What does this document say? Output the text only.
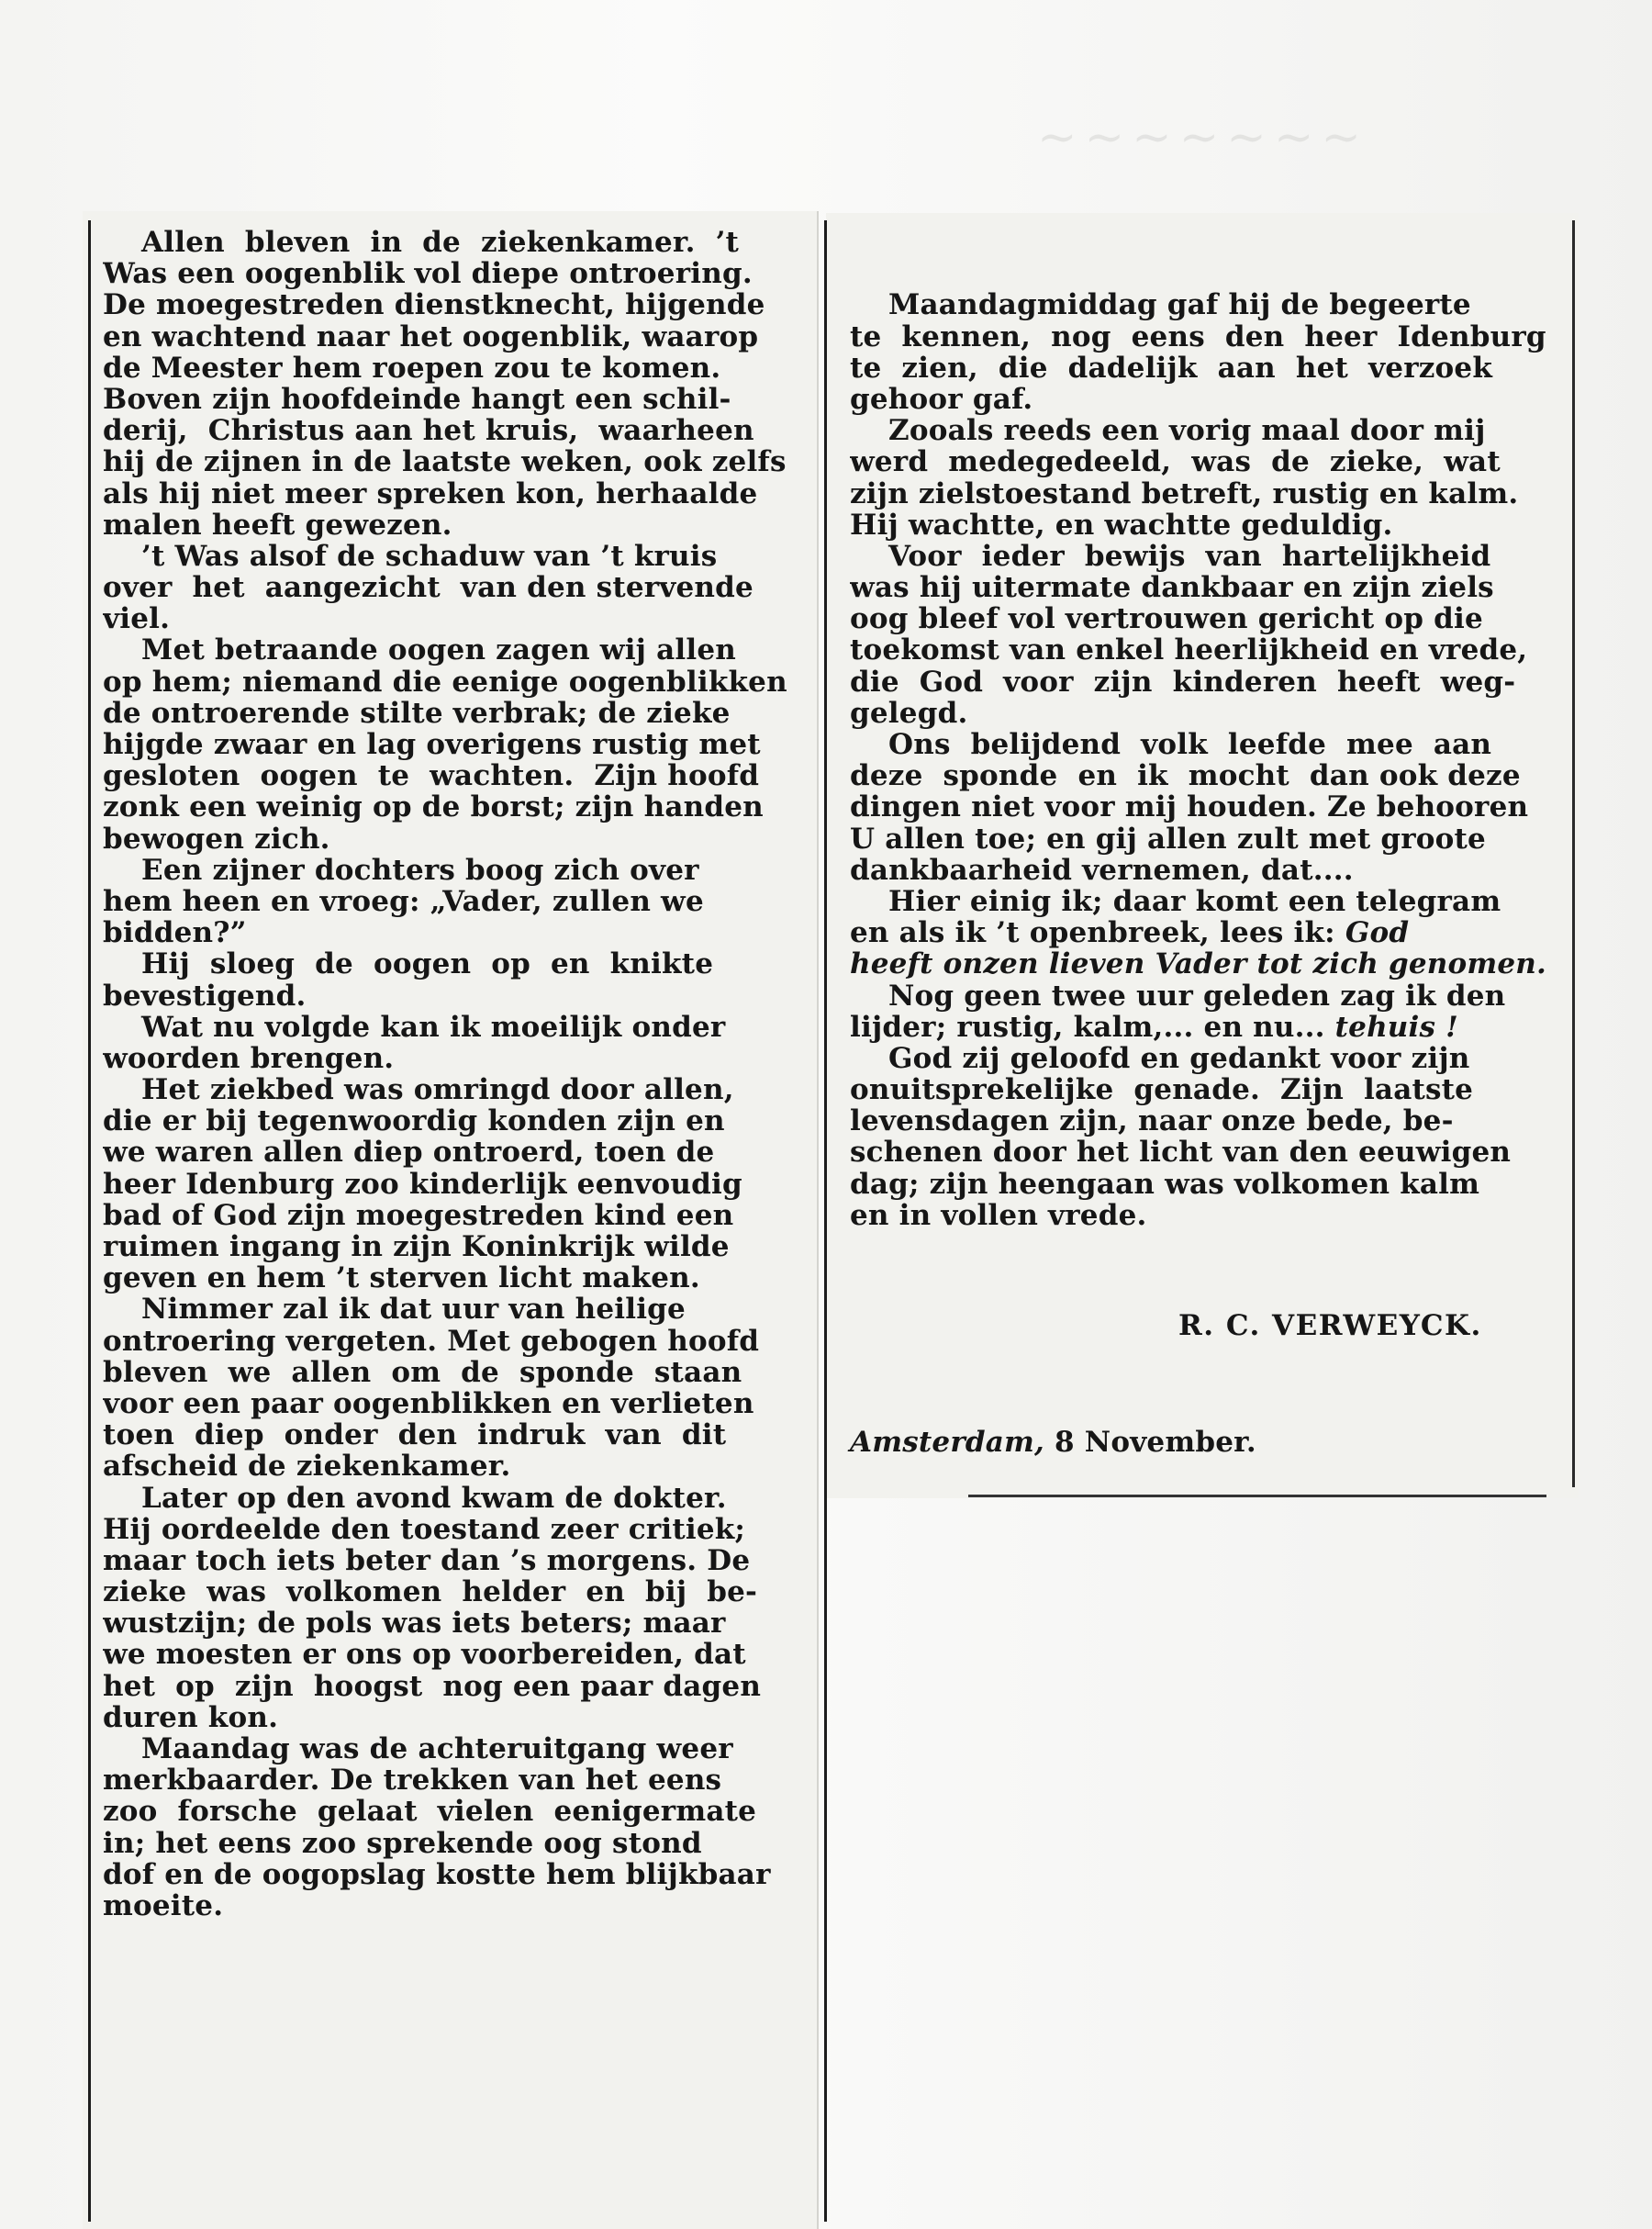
~~~~~~~
Allen  bleven  in  de  ziekenkamer.  ’t
Was een oogenblik vol diepe ontroering.
De moegestreden dienstknecht, hijgende
en wachtend naar het oogenblik, waarop
de Meester hem roepen zou te komen.
Boven zijn hoofdeinde hangt een schil-
derij,  Christus aan het kruis,  waarheen
hij de zijnen in de laatste weken, ook zelfs
als hij niet meer spreken kon, herhaalde
malen heeft gewezen.
’t Was alsof de schaduw van ’t kruis
over  het  aangezicht  van den stervende
viel.
Met betraande oogen zagen wij allen
op hem; niemand die eenige oogenblikken
de ontroerende stilte verbrak; de zieke
hijgde zwaar en lag overigens rustig met
gesloten  oogen  te  wachten.  Zijn hoofd
zonk een weinig op de borst; zijn handen
bewogen zich.
Een zijner dochters boog zich over
hem heen en vroeg: „Vader, zullen we
bidden?”
Hij  sloeg  de  oogen  op  en  knikte
bevestigend.
Wat nu volgde kan ik moeilijk onder
woorden brengen.
Het ziekbed was omringd door allen,
die er bij tegenwoordig konden zijn en
we waren allen diep ontroerd, toen de
heer Idenburg zoo kinderlijk eenvoudig
bad of God zijn moegestreden kind een
ruimen ingang in zijn Koninkrijk wilde
geven en hem ’t sterven licht maken.
Nimmer zal ik dat uur van heilige
ontroering vergeten. Met gebogen hoofd
bleven  we  allen  om  de  sponde  staan
voor een paar oogenblikken en verlieten
toen  diep  onder  den  indruk  van  dit
afscheid de ziekenkamer.
Later op den avond kwam de dokter.
Hij oordeelde den toestand zeer critiek;
maar toch iets beter dan ’s morgens. De
zieke  was  volkomen  helder  en  bij  be-
wustzijn; de pols was iets beters; maar
we moesten er ons op voorbereiden, dat
het  op  zijn  hoogst  nog een paar dagen
duren kon.
Maandag was de achteruitgang weer
merkbaarder. De trekken van het eens
zoo  forsche  gelaat  vielen  eenigermate
in; het eens zoo sprekende oog stond
dof en de oogopslag kostte hem blijkbaar
moeite.

Maandagmiddag gaf hij de begeerte
te  kennen,  nog  eens  den  heer  Idenburg
te  zien,  die  dadelijk  aan  het  verzoek
gehoor gaf.
Zooals reeds een vorig maal door mij
werd  medegedeeld,  was  de  zieke,  wat
zijn zielstoestand betreft, rustig en kalm.
Hij wachtte, en wachtte geduldig.
Voor  ieder  bewijs  van  hartelijkheid
was hij uitermate dankbaar en zijn ziels
oog bleef vol vertrouwen gericht op die
toekomst van enkel heerlijkheid en vrede,
die  God  voor  zijn  kinderen  heeft  weg-
gelegd.
Ons  belijdend  volk  leefde  mee  aan
deze  sponde  en  ik  mocht  dan ook deze
dingen niet voor mij houden. Ze behooren
U allen toe; en gij allen zult met groote
dankbaarheid vernemen, dat....
Hier einig ik; daar komt een telegram
en als ik ’t openbreek, lees ik: God
heeft onzen lieven Vader tot zich genomen.
Nog geen twee uur geleden zag ik den
lijder; rustig, kalm,... en nu... tehuis !
God zij geloofd en gedankt voor zijn
onuitsprekelijke  genade.  Zijn  laatste
levensdagen zijn, naar onze bede, be-
schenen door het licht van den eeuwigen
dag; zijn heengaan was volkomen kalm
en in vollen vrede.

R. C. VERWEYCK.

Amsterdam, 8 November.
